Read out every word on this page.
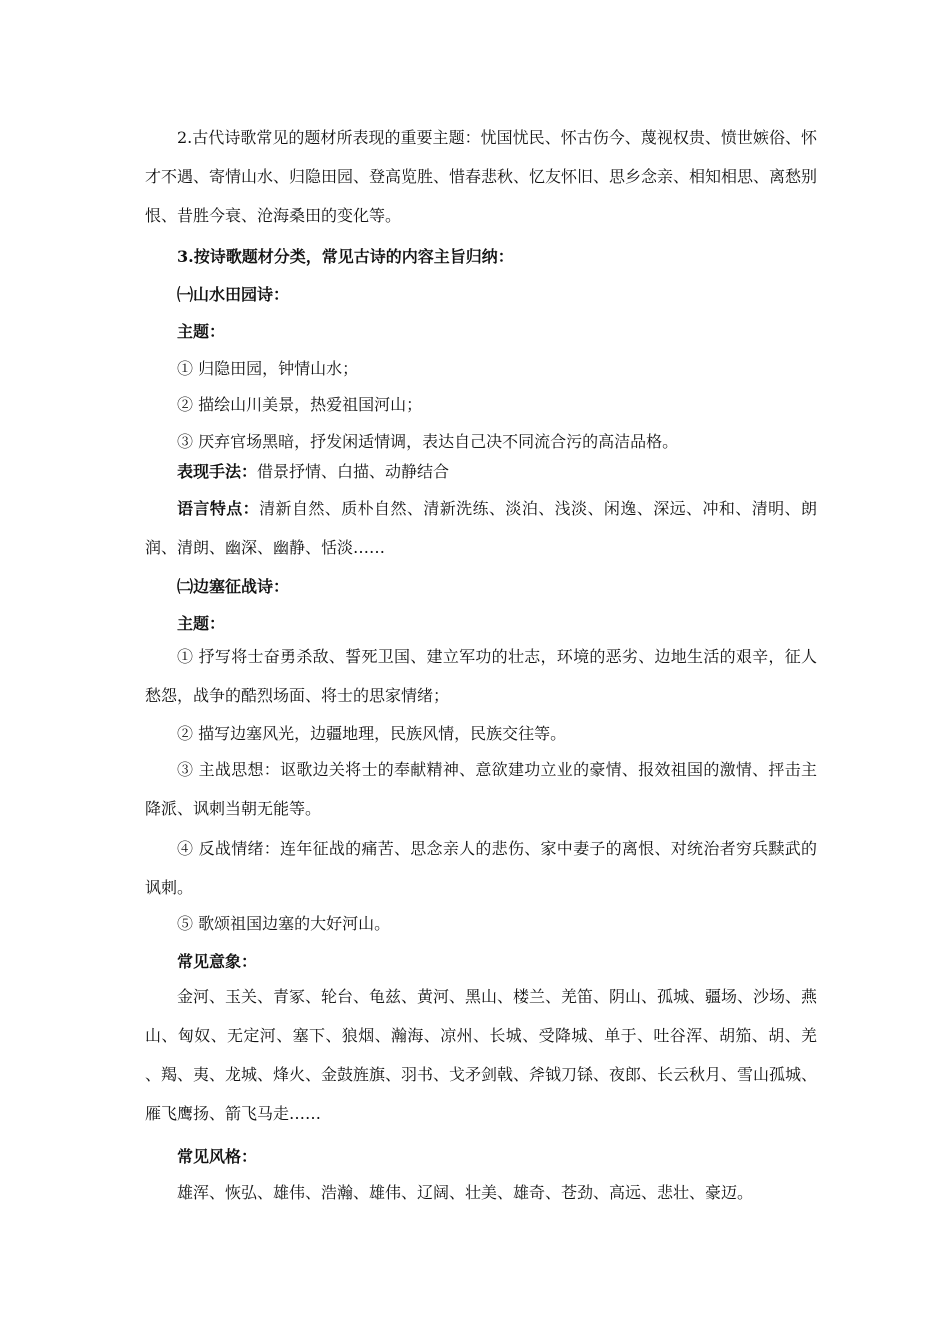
2.古代诗歌常见的题材所表现的重要主题：忧国忧民、怀古伤今、蔑视权贵、愤世嫉俗、怀才不遇、寄情山水、归隐田园、登高览胜、惜春悲秋、忆友怀旧、思乡念亲、相知相思、离愁别恨、昔胜今衰、沧海桑田的变化等。

3.按诗歌题材分类，常见古诗的内容主旨归纳：

㈠山水田园诗：

主题：

① 归隐田园，钟情山水；

② 描绘山川美景，热爱祖国河山；

③ 厌弃官场黑暗，抒发闲适情调，表达自己决不同流合污的高洁品格。

表现手法：借景抒情、白描、动静结合

语言特点：清新自然、质朴自然、清新洗练、淡泊、浅淡、闲逸、深远、冲和、清明、朗润、清朗、幽深、幽静、恬淡……

㈡边塞征战诗：

主题：

① 抒写将士奋勇杀敌、誓死卫国、建立军功的壮志，环境的恶劣、边地生活的艰辛，征人愁怨，战争的酷烈场面、将士的思家情绪；

② 描写边塞风光，边疆地理，民族风情，民族交往等。

③ 主战思想：讴歌边关将士的奉献精神、意欲建功立业的豪情、报效祖国的激情、抨击主降派、讽刺当朝无能等。

④ 反战情绪：连年征战的痛苦、思念亲人的悲伤、家中妻子的离恨、对统治者穷兵黩武的讽刺。

⑤ 歌颂祖国边塞的大好河山。

常见意象：

金河、玉关、青冢、轮台、龟兹、黄河、黑山、楼兰、羌笛、阴山、孤城、疆场、沙场、燕山、匈奴、无定河、塞下、狼烟、瀚海、凉州、长城、受降城、单于、吐谷浑、胡笳、胡、羌 、羯、夷、龙城、烽火、金鼓旌旗、羽书、戈矛剑戟、斧钺刀铩、夜郎、长云秋月、雪山孤城、雁飞鹰扬、箭飞马走……

常见风格：

雄浑、恢弘、雄伟、浩瀚、雄伟、辽阔、壮美、雄奇、苍劲、高远、悲壮、豪迈。
